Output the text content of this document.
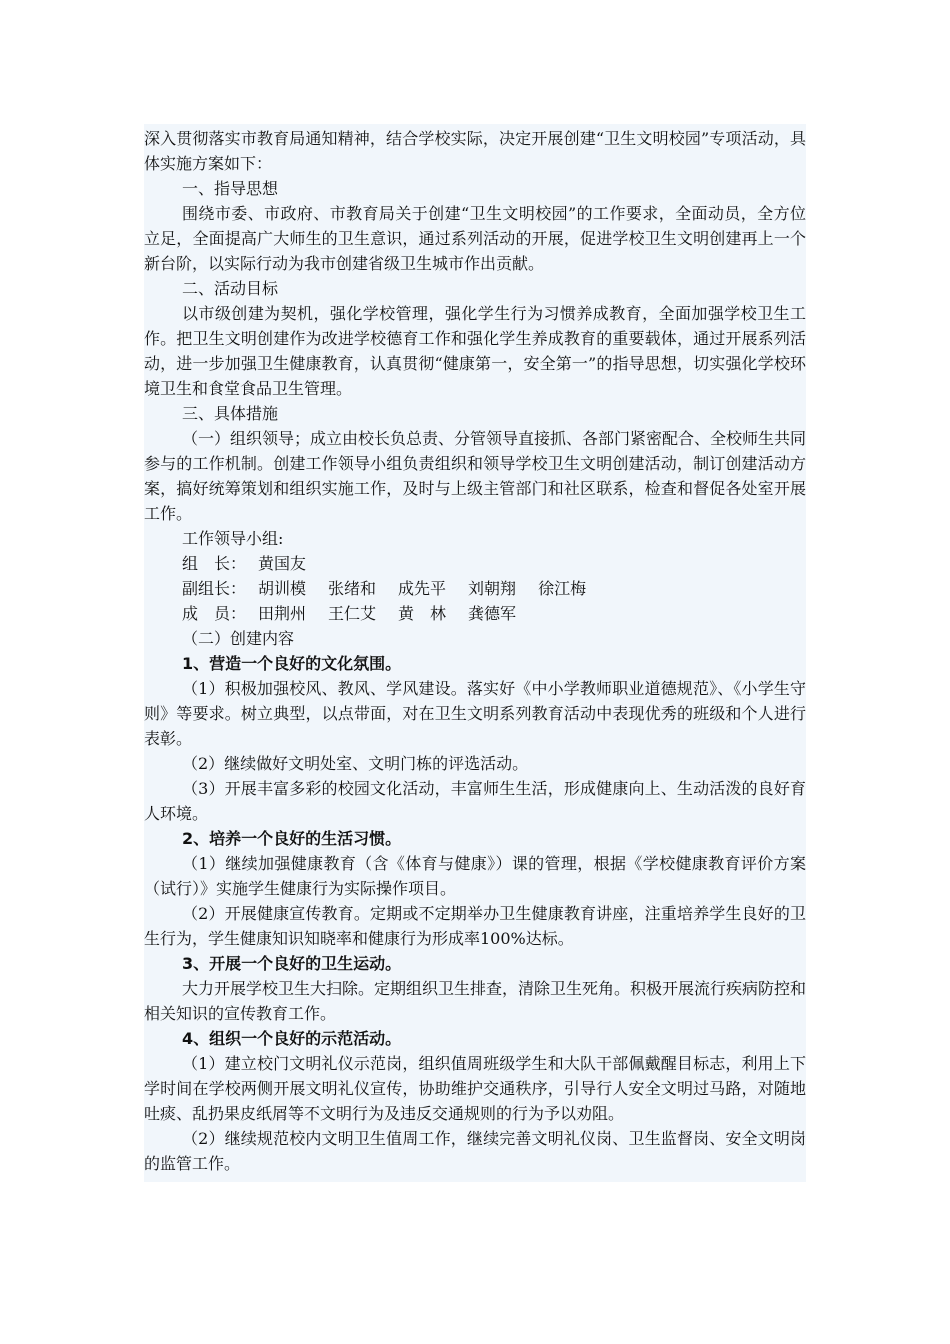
深入贯彻落实市教育局通知精神，结合学校实际，决定开展创建“卫生文明校园”专项活动，具体实施方案如下：

一、指导思想

围绕市委、市政府、市教育局关于创建“卫生文明校园”的工作要求，全面动员，全方位立足，全面提高广大师生的卫生意识，通过系列活动的开展，促进学校卫生文明创建再上一个新台阶，以实际行动为我市创建省级卫生城市作出贡献。

二、活动目标

以市级创建为契机，强化学校管理，强化学生行为习惯养成教育，全面加强学校卫生工作。把卫生文明创建作为改进学校德育工作和强化学生养成教育的重要载体，通过开展系列活动，进一步加强卫生健康教育，认真贯彻“健康第一，安全第一”的指导思想，切实强化学校环境卫生和食堂食品卫生管理。

三、具体措施

（一）组织领导；成立由校长负总责、分管领导直接抓、各部门紧密配合、全校师生共同参与的工作机制。创建工作领导小组负责组织和领导学校卫生文明创建活动，制订创建活动方案，搞好统筹策划和组织实施工作，及时与上级主管部门和社区联系，检查和督促各处室开展工作。

工作领导小组:

组　长： 黄国友
副组长： 胡训模 张绪和 成先平 刘朝翔 徐江梅
成　员： 田荆州 王仁艾 黄　林 龚德军

（二）创建内容

1、营造一个良好的文化氛围。

（1）积极加强校风、教风、学风建设。落实好《中小学教师职业道德规范》、《小学生守则》等要求。树立典型，以点带面，对在卫生文明系列教育活动中表现优秀的班级和个人进行表彰。

（2）继续做好文明处室、文明门栋的评选活动。

（3）开展丰富多彩的校园文化活动，丰富师生生活，形成健康向上、生动活泼的良好育人环境。

2、培养一个良好的生活习惯。

（1）继续加强健康教育（含《体育与健康》）课的管理，根据《学校健康教育评价方案（试行）》实施学生健康行为实际操作项目。

（2）开展健康宣传教育。定期或不定期举办卫生健康教育讲座，注重培养学生良好的卫生行为，学生健康知识知晓率和健康行为形成率100%达标。

3、开展一个良好的卫生运动。

大力开展学校卫生大扫除。定期组织卫生排查，清除卫生死角。积极开展流行疾病防控和相关知识的宣传教育工作。

4、组织一个良好的示范活动。

（1）建立校门文明礼仪示范岗，组织值周班级学生和大队干部佩戴醒目标志，利用上下学时间在学校两侧开展文明礼仪宣传，协助维护交通秩序，引导行人安全文明过马路，对随地吐痰、乱扔果皮纸屑等不文明行为及违反交通规则的行为予以劝阻。

（2）继续规范校内文明卫生值周工作，继续完善文明礼仪岗、卫生监督岗、安全文明岗的监管工作。
